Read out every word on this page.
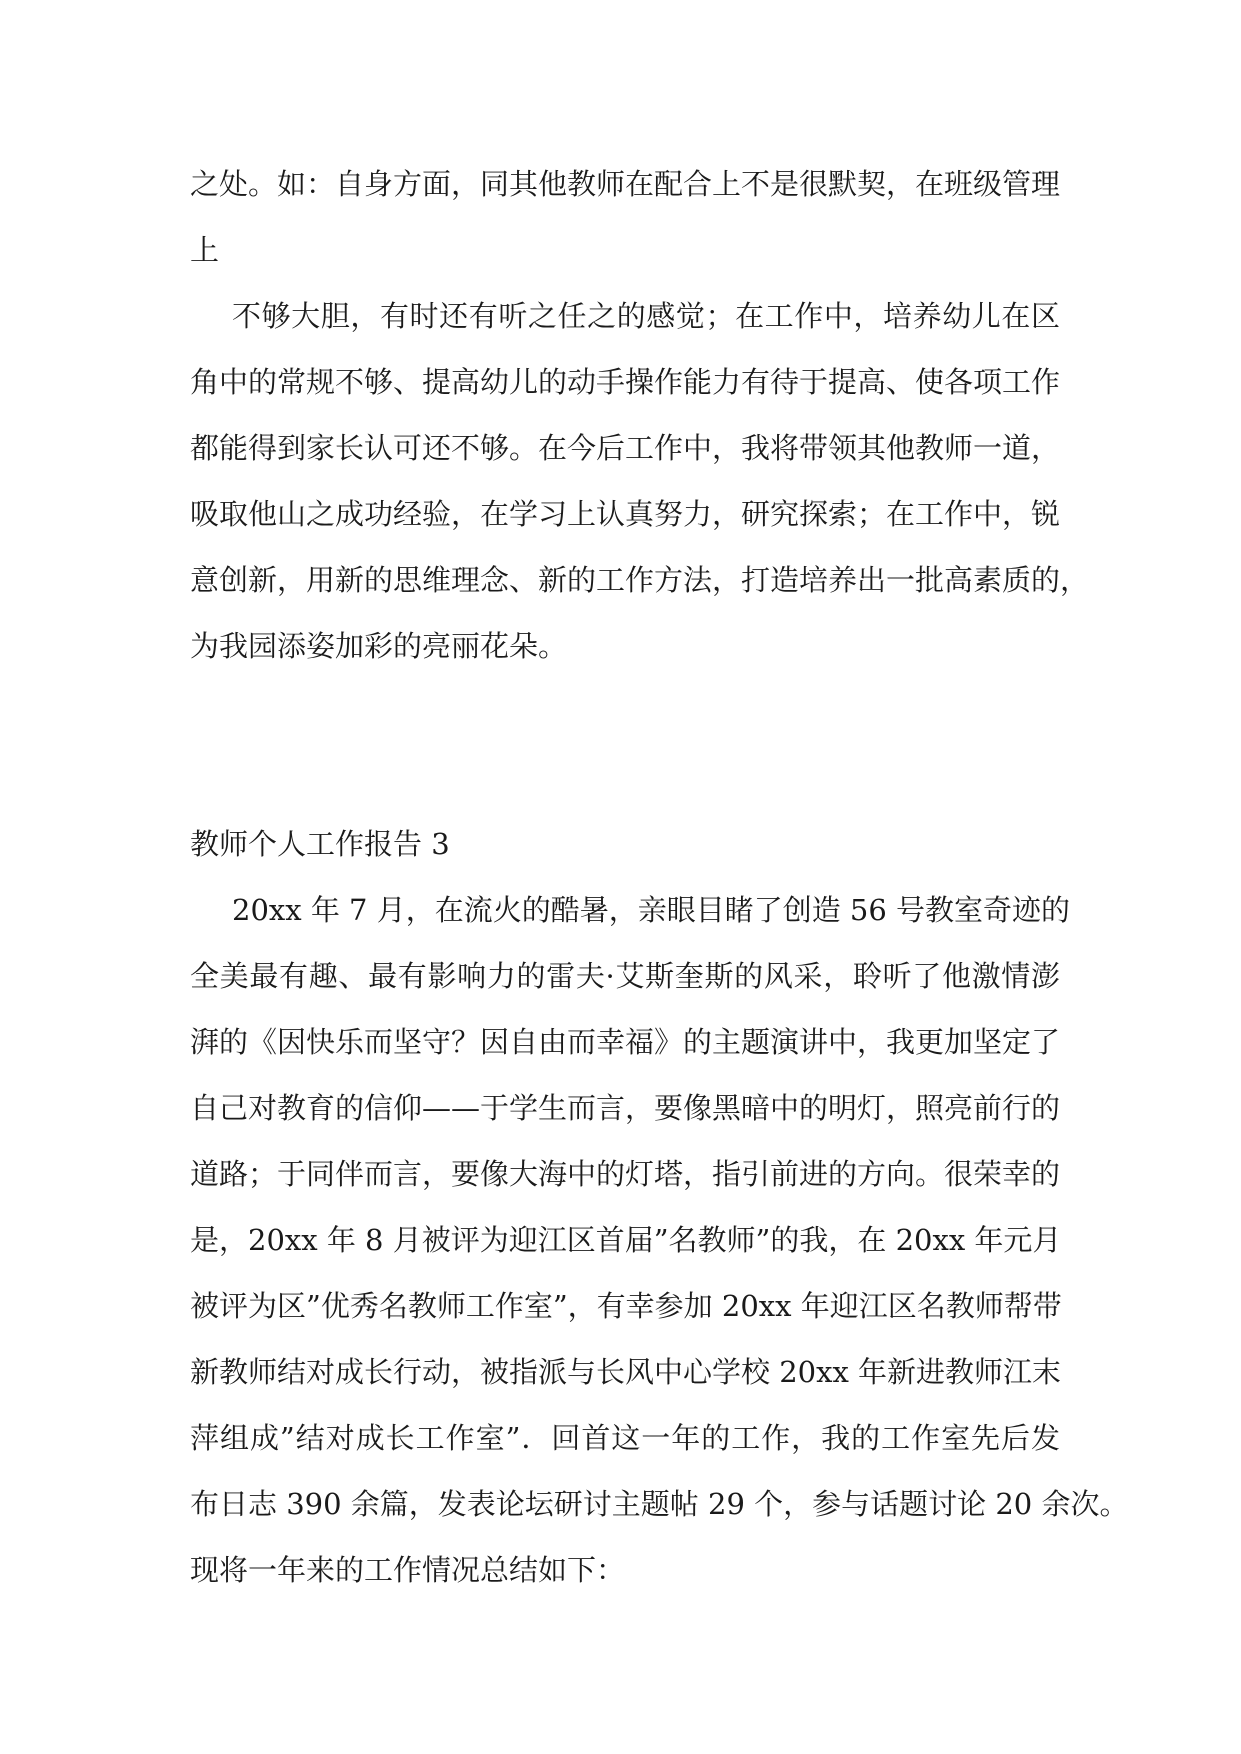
之处。如：自身方面，同其他教师在配合上不是很默契，在班级管理
上
不够大胆，有时还有听之任之的感觉；在工作中，培养幼儿在区
角中的常规不够、提高幼儿的动手操作能力有待于提高、使各项工作
都能得到家长认可还不够。在今后工作中，我将带领其他教师一道，
吸取他山之成功经验，在学习上认真努力，研究探索；在工作中，锐
意创新，用新的思维理念、新的工作方法，打造培养出一批高素质的，
为我园添姿加彩的亮丽花朵。
教师个人工作报告 3
20xx 年 7 月，在流火的酷暑，亲眼目睹了创造 56 号教室奇迹的
全美最有趣、最有影响力的雷夫·艾斯奎斯的风采，聆听了他激情澎
湃的《因快乐而坚守？因自由而幸福》的主题演讲中，我更加坚定了
自己对教育的信仰——于学生而言，要像黑暗中的明灯，照亮前行的
道路；于同伴而言，要像大海中的灯塔，指引前进的方向。很荣幸的
是，20xx 年 8 月被评为迎江区首届”名教师”的我，在 20xx 年元月
被评为区”优秀名教师工作室”，有幸参加 20xx 年迎江区名教师帮带
新教师结对成长行动，被指派与长风中心学校 20xx 年新进教师江末
萍组成”结对成长工作室”．回首这一年的工作，我的工作室先后发
布日志 390 余篇，发表论坛研讨主题帖 29 个，参与话题讨论 20 余次。
现将一年来的工作情况总结如下：
